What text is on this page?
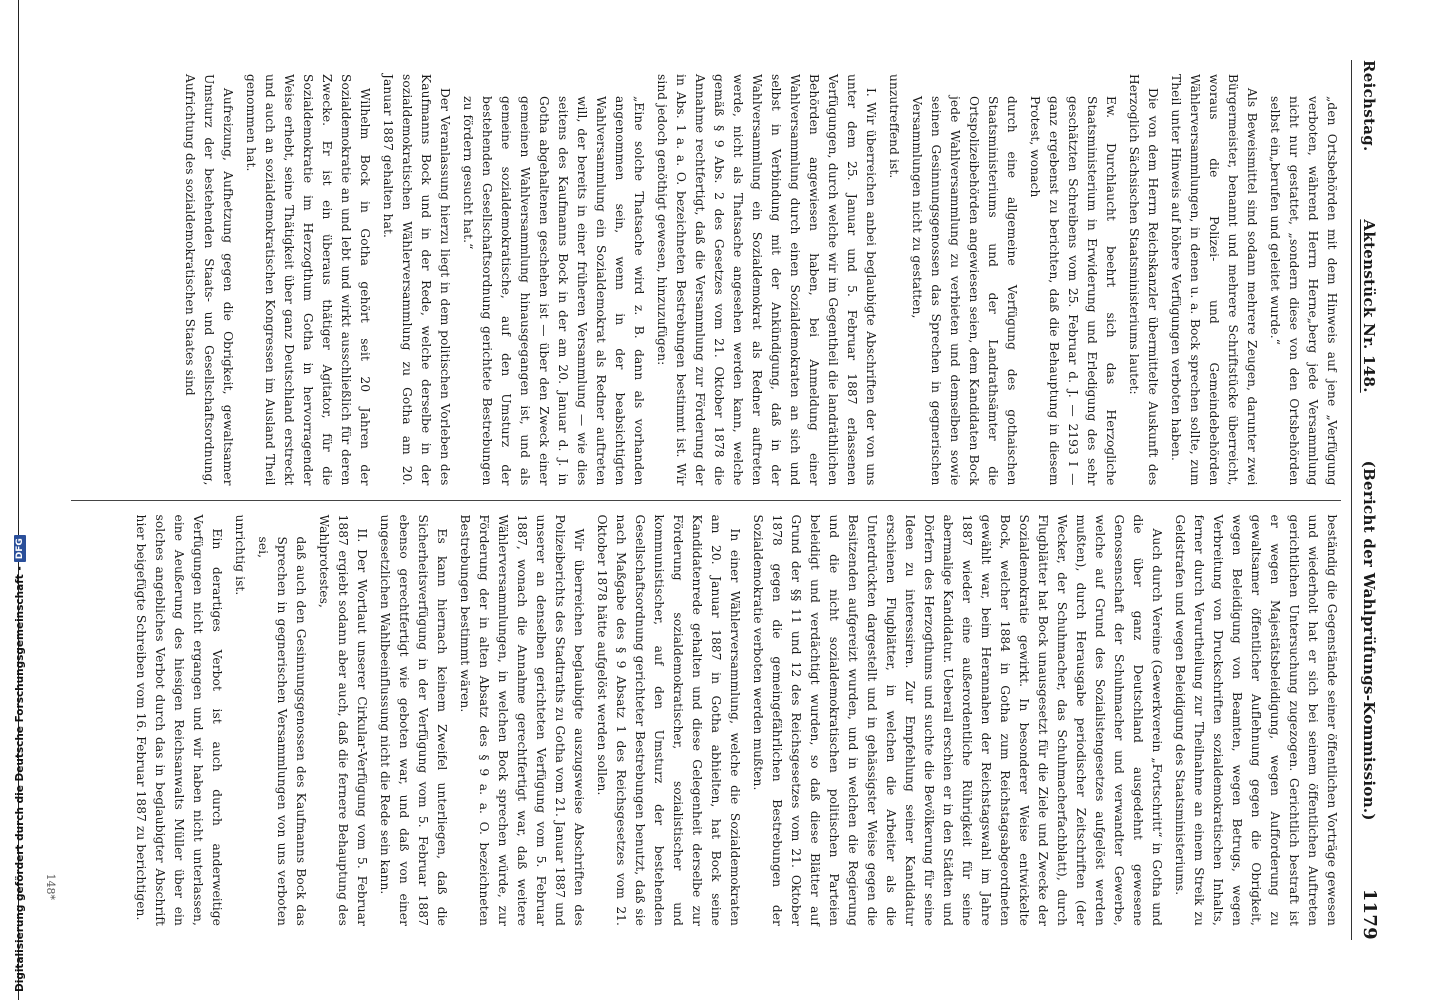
Digitalisierung gefördert durch die Deutsche Forschungsgemeinschaft -
DFG
Reichstag.
Aktenstück Nr. 148.
(Bericht der Wahlprüfungs-Kommission.)
1179

„den Ortsbehörden mit dem Hinweis auf jene „Verfügung verboten, während Herrn Herne„berg jede Versammlung nicht nur gestattet, „sondern diese von den Ortsbehörden selbst ein„berufen und geleitet wurde.“

Als Beweismittel sind sodann mehrere Zeugen, darunter zwei Bürgermeister, benannt und mehrere Schriftstücke überreicht, woraus die Polizei- und Gemeindebehörden Wählerversammlungen, in denen u. a. Bock sprechen sollte, zum Theil unter Hinweis auf höhere Verfügungen verboten haben.

Die von dem Herrn Reichskanzler übermittelte Auskunft des Herzoglich Sächsischen Staatsministeriums lautet:

Ew. Durchlaucht beehrt sich das Herzogliche Staatsministerium in Erwiderung und Erledigung des sehr geschätzten Schreibens vom 25. Februar d. J. — 2193 I — ganz ergebenst zu berichten, daß die Behauptung in diesem Protest, wonach

durch eine allgemeine Verfügung des gothaischen Staatsministeriums und der Landrathsämter die Ortspolizeibehörden angewiesen seien, dem Kandidaten Bock jede Wahlversammlung zu verbieten und demselben sowie seinen Gesinnungsgenossen das Sprechen in gegnerischen Versammlungen nicht zu gestatten,

unzutreffend ist.

I. Wir überreichen anbei beglaubigte Abschriften der von uns unter dem 25. Januar und 5. Februar 1887 erlassenen Verfügungen, durch welche wir im Gegentheil die landräthlichen Behörden angewiesen haben, bei Anmeldung einer Wahlversammlung durch einen Sozialdemokraten an sich und selbst in Verbindung mit der Ankündigung, daß in der Wahlversammlung ein Sozialdemokrat als Redner auftreten werde, nicht als Thatsache angesehen werden kann, welche gemäß § 9 Abs. 2 des Gesetzes vom 21. Oktober 1878 die Annahme rechtfertigt, daß die Versammlung zur Förderung der in Abs. 1 a. a. O. bezeichneten Bestrebungen bestimmt ist. Wir sind jedoch genöthigt gewesen, hinzuzufügen:

„Eine solche Thatsache wird z. B. dann als vorhanden angenommen sein, wenn in der beabsichtigten Wahlversammlung ein Sozialdemokrat als Redner auftreten will, der bereits in einer früheren Versammlung — wie dies seitens des Kaufmanns Bock in der am 20. Januar d. J. in Gotha abgehaltenen geschehen ist — über den Zweck einer gemeinen Wahlversammlung hinausgegangen ist, und als gemeine sozialdemokratische, auf den Umsturz der bestehenden Gesellschaftsordnung gerichtete Bestrebungen zu fördern gesucht hat.“

Der Veranlassung hierzu liegt in dem politischen Vorleben des Kaufmanns Bock und in der Rede, welche derselbe in der sozialdemokratischen Wählerversammlung zu Gotha am 20. Januar 1887 gehalten hat.

Wilhelm Bock in Gotha gehört seit 20 Jahren der Sozialdemokratie an und lebt und wirkt ausschließlich für deren Zwecke. Er ist ein überaus thätiger Agitator, für die Sozialdemokratie im Herzogthum Gotha in hervorragender Weise erhebt, seine Thätigkeit über ganz Deutschland erstreckt und auch an sozialdemokratischen Kongressen im Ausland Theil genommen hat.

Aufreizung, Aufhetzung gegen die Obrigkeit, gewaltsamer Umsturz der bestehenden Staats- und Gesellschaftsordnung, Aufrichtung des sozialdemokratischen Staates sind

beständig die Gegenstände seiner öffentlichen Vorträge gewesen und wiederholt hat er sich bei seinem öffentlichen Auftreten gerichtlichen Untersuchung zugezogen. Gerichtlich bestraft ist er wegen Majestätsbeleidigung, wegen Aufforderung zu gewaltsamer öffentlicher Auflehnung gegen die Obrigkeit, wegen Beleidigung von Beamten, wegen Betrugs, wegen Verbreitung von Druckschriften sozialdemokratischen Inhalts, ferner durch Verurtheilung zur Theilnahme an einem Streik zu Geldstrafen und wegen Beleidigung des Staatsministeriums.

Auch durch Vereine (Gewerkverein „Fortschritt“ in Gotha und die über ganz Deutschland ausgedehnt gewesene Genossenschaft der Schuhmacher und verwandter Gewerbe, welche auf Grund des Sozialistengesetzes aufgelöst werden mußten), durch Herausgabe periodischer Zeitschriften (der Wecker, der Schuhmacher, das Schuhmacherfachblatt), durch Flugblätter hat Bock unausgesetzt für die Ziele und Zwecke der Sozialdemokratie gewirkt. In besonderer Weise entwickelte Bock, welcher 1884 in Gotha zum Reichstagsabgeordneten gewählt war, beim Herannahen der Reichstagswahl im Jahre 1887 wieder eine außerordentliche Rührigkeit für seine abermalige Kandidatur. Ueberall erschien er in den Städten und Dörfern des Herzogthums und suchte die Bevölkerung für seine Ideen zu interessiren. Zur Empfehlung seiner Kandidatur erschienen Flugblätter, in welchen die Arbeiter als die Unterdrückten dargestellt und in gehässigster Weise gegen die Besitzenden aufgereizt wurden, und in welchen die Regierung und die nicht sozialdemokratischen politischen Parteien beleidigt und verdächtigt wurden, so daß diese Blätter auf Grund der §§ 11 und 12 des Reichsgesetzes vom 21. Oktober 1878 gegen die gemeingefährlichen Bestrebungen der Sozialdemokratie verboten werden mußten.

In einer Wählerversammlung, welche die Sozialdemokraten am 20. Januar 1887 in Gotha abhielten, hat Bock seine Kandidatenrede gehalten und diese Gelegenheit derselbe zur Förderung sozialdemokratischer, sozialistischer und kommunistischer, auf den Umsturz der bestehenden Gesellschaftsordnung gerichteter Bestrebungen benutzt, daß sie nach Maßgabe des § 9 Absatz 1 des Reichsgesetzes vom 21. Oktober 1878 hätte aufgelöst werden sollen.

Wir überreichen beglaubigte auszugsweise Abschriften des Polizeiberichts des Stadtraths zu Gotha vom 21. Januar 1887 und unserer an denselben gerichteten Verfügung vom 5. Februar 1887, wonach die Annahme gerechtfertigt war, daß weitere Wählerversammlungen, in welchen Bock sprechen würde, zur Förderung der in alten Absatz des § 9 a. a. O. bezeichneten Bestrebungen bestimmt wären.

Es kann hiernach keinem Zweifel unterliegen, daß die Sicherheitsverfügung in der Verfügung vom 5. Februar 1887 ebenso gerechtfertigt wie geboten war, und daß von einer ungesetzlichen Wahlbeeinflussung nicht die Rede sein kann.

II. Der Wortlaut unserer Cirkular-Verfügung vom 5. Februar 1887 ergiebt sodann aber auch, daß die fernere Behauptung des Wahlprotestes,

daß auch den Gesinnungsgenossen des Kaufmanns Bock das Sprechen in gegnerischen Versammlungen von uns verboten sei,

unrichtig ist.

Ein derartiges Verbot ist auch durch anderweitige Verfügungen nicht ergangen und wir haben nicht unterlassen, eine Aeußerung des hiesigen Reichsanwalts Müller über ein solches angebliches Verbot durch das in beglaubigter Abschrift hier beigefügte Schreiben vom 16. Februar 1887 zu berichtigen.

148*
